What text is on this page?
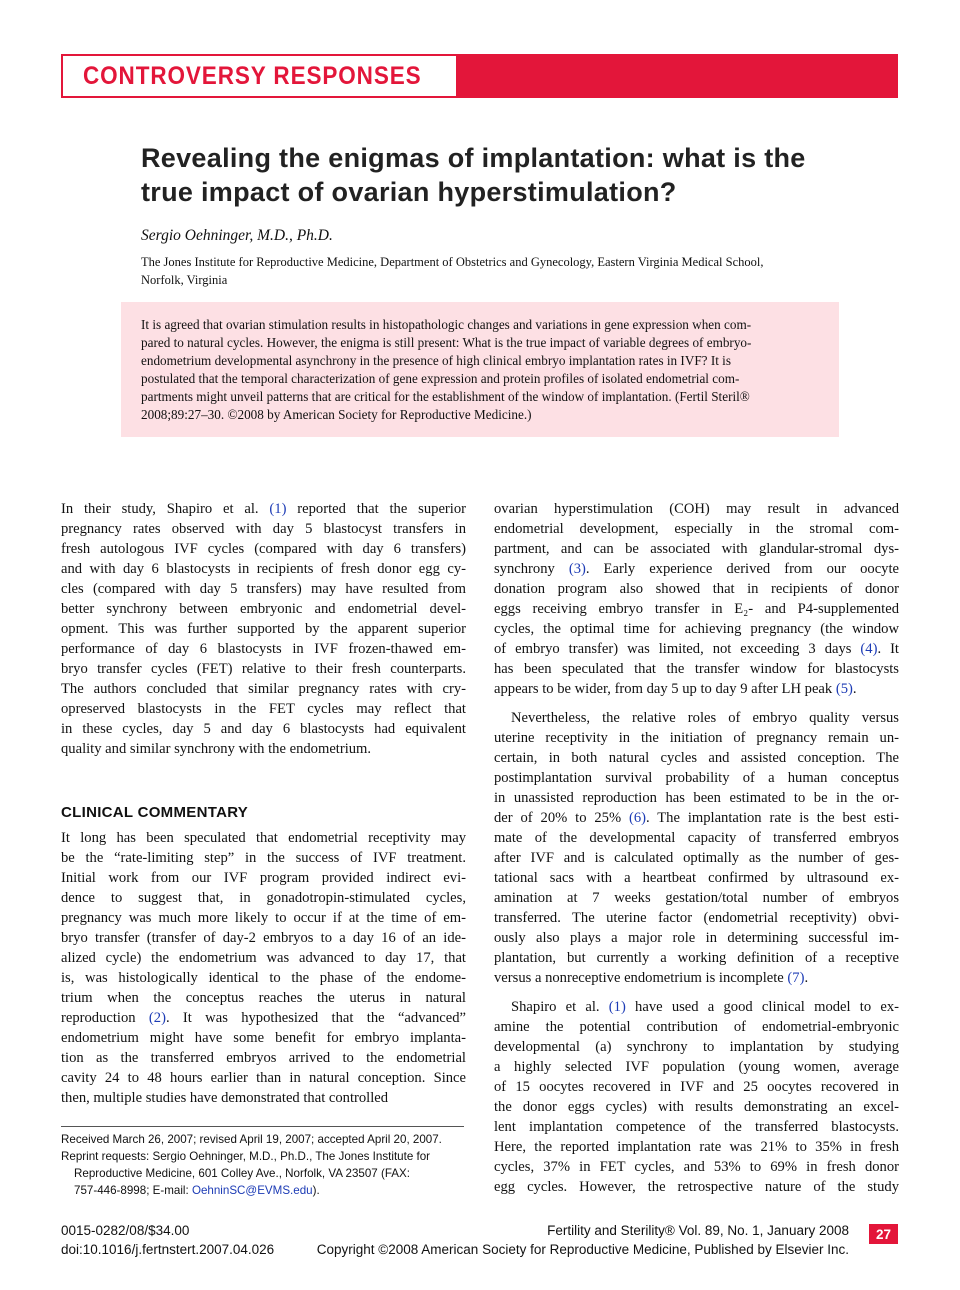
CONTROVERSY RESPONSES
Revealing the enigmas of implantation: what is the
true impact of ovarian hyperstimulation?
Sergio Oehninger, M.D., Ph.D.
The Jones Institute for Reproductive Medicine, Department of Obstetrics and Gynecology, Eastern Virginia Medical School,
Norfolk, Virginia
It is agreed that ovarian stimulation results in histopathologic changes and variations in gene expression when com-
pared to natural cycles. However, the enigma is still present: What is the true impact of variable degrees of embryo-
endometrium developmental asynchrony in the presence of high clinical embryo implantation rates in IVF? It is
postulated that the temporal characterization of gene expression and protein profiles of isolated endometrial com-
partments might unveil patterns that are critical for the establishment of the window of implantation. (Fertil Steril®
2008;89:27–30. ©2008 by American Society for Reproductive Medicine.)
In their study, Shapiro et al. (1) reported that the superior
pregnancy rates observed with day 5 blastocyst transfers in
fresh autologous IVF cycles (compared with day 6 transfers)
and with day 6 blastocysts in recipients of fresh donor egg cy-
cles (compared with day 5 transfers) may have resulted from
better synchrony between embryonic and endometrial devel-
opment. This was further supported by the apparent superior
performance of day 6 blastocysts in IVF frozen-thawed em-
bryo transfer cycles (FET) relative to their fresh counterparts.
The authors concluded that similar pregnancy rates with cry-
opreserved blastocysts in the FET cycles may reflect that
in these cycles, day 5 and day 6 blastocysts had equivalent
quality and similar synchrony with the endometrium.
CLINICAL COMMENTARY
It long has been speculated that endometrial receptivity may
be the “rate-limiting step” in the success of IVF treatment.
Initial work from our IVF program provided indirect evi-
dence to suggest that, in gonadotropin-stimulated cycles,
pregnancy was much more likely to occur if at the time of em-
bryo transfer (transfer of day-2 embryos to a day 16 of an ide-
alized cycle) the endometrium was advanced to day 17, that
is, was histologically identical to the phase of the endome-
trium when the conceptus reaches the uterus in natural
reproduction (2). It was hypothesized that the “advanced”
endometrium might have some benefit for embryo implanta-
tion as the transferred embryos arrived to the endometrial
cavity 24 to 48 hours earlier than in natural conception. Since
then, multiple studies have demonstrated that controlled
ovarian hyperstimulation (COH) may result in advanced
endometrial development, especially in the stromal com-
partment, and can be associated with glandular-stromal dys-
synchrony (3). Early experience derived from our oocyte
donation program also showed that in recipients of donor
eggs receiving embryo transfer in E₂- and P4-supplemented
cycles, the optimal time for achieving pregnancy (the window
of embryo transfer) was limited, not exceeding 3 days (4). It
has been speculated that the transfer window for blastocysts
appears to be wider, from day 5 up to day 9 after LH peak (5).
Nevertheless, the relative roles of embryo quality versus
uterine receptivity in the initiation of pregnancy remain un-
certain, in both natural cycles and assisted conception. The
postimplantation survival probability of a human conceptus
in unassisted reproduction has been estimated to be in the or-
der of 20% to 25% (6). The implantation rate is the best esti-
mate of the developmental capacity of transferred embryos
after IVF and is calculated optimally as the number of ges-
tational sacs with a heartbeat confirmed by ultrasound ex-
amination at 7 weeks gestation/total number of embryos
transferred. The uterine factor (endometrial receptivity) obvi-
ously also plays a major role in determining successful im-
plantation, but currently a working definition of a receptive
versus a nonreceptive endometrium is incomplete (7).
Shapiro et al. (1) have used a good clinical model to ex-
amine the potential contribution of endometrial-embryonic
developmental (a) synchrony to implantation by studying
a highly selected IVF population (young women, average
of 15 oocytes recovered in IVF and 25 oocytes recovered in
the donor eggs cycles) with results demonstrating an excel-
lent implantation competence of the transferred blastocysts.
Here, the reported implantation rate was 21% to 35% in fresh
cycles, 37% in FET cycles, and 53% to 69% in fresh donor
egg cycles. However, the retrospective nature of the study
Received March 26, 2007; revised April 19, 2007; accepted April 20, 2007.
Reprint requests: Sergio Oehninger, M.D., Ph.D., The Jones Institute for
Reproductive Medicine, 601 Colley Ave., Norfolk, VA 23507 (FAX:
757-446-8998; E-mail: OehninSC@EVMS.edu).
0015-0282/08/$34.00
doi:10.1016/j.fertnstert.2007.04.026
Fertility and Sterility® Vol. 89, No. 1, January 2008
Copyright ©2008 American Society for Reproductive Medicine, Published by Elsevier Inc.
27
